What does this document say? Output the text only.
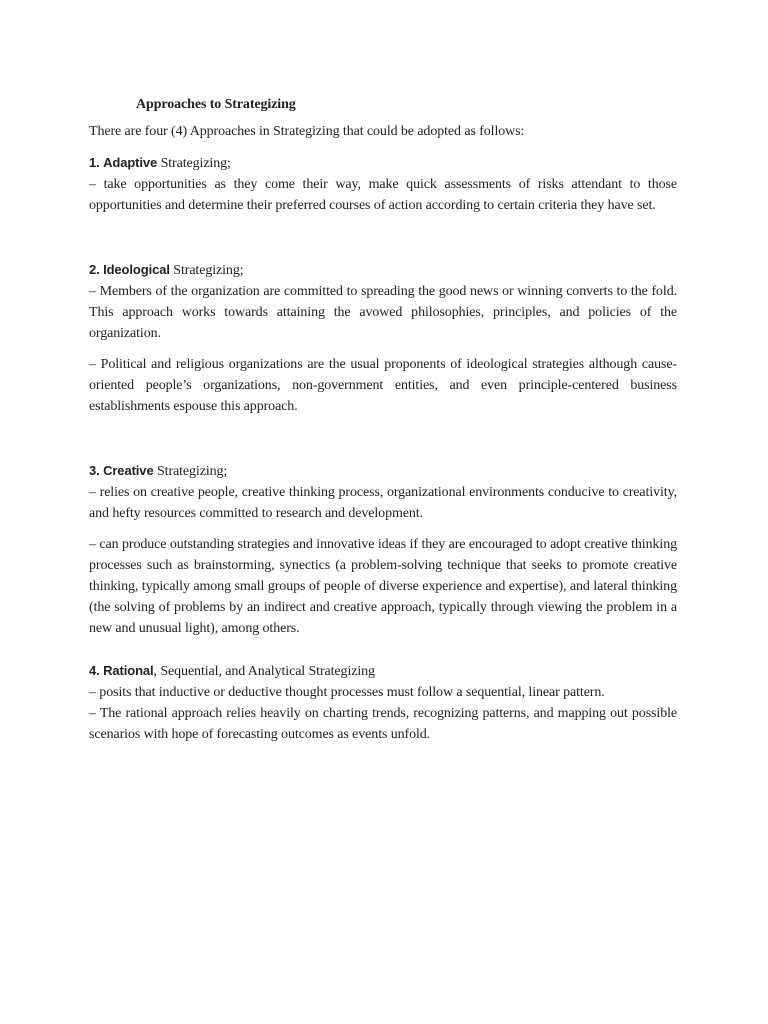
Approaches to Strategizing

There are four (4) Approaches in Strategizing that could be adopted as follows:

1. Adaptive Strategizing;

– take opportunities as they come their way, make quick assessments of risks attendant to those opportunities and determine their preferred courses of action according to certain criteria they have set.

2. Ideological Strategizing;

– Members of the organization are committed to spreading the good news or winning converts to the fold. This approach works towards attaining the avowed philosophies, principles, and policies of the organization.

– Political and religious organizations are the usual proponents of ideological strategies although cause-oriented people’s organizations, non-government entities, and even principle-centered business establishments espouse this approach.

3. Creative Strategizing;

– relies on creative people, creative thinking process, organizational environments conducive to creativity, and hefty resources committed to research and development.

– can produce outstanding strategies and innovative ideas if they are encouraged to adopt creative thinking processes such as brainstorming, synectics (a problem-solving technique that seeks to promote creative thinking, typically among small groups of people of diverse experience and expertise), and lateral thinking (the solving of problems by an indirect and creative approach, typically through viewing the problem in a new and unusual light), among others.

4. Rational, Sequential, and Analytical Strategizing

– posits that inductive or deductive thought processes must follow a sequential, linear pattern.

– The rational approach relies heavily on charting trends, recognizing patterns, and mapping out possible scenarios with hope of forecasting outcomes as events unfold.
